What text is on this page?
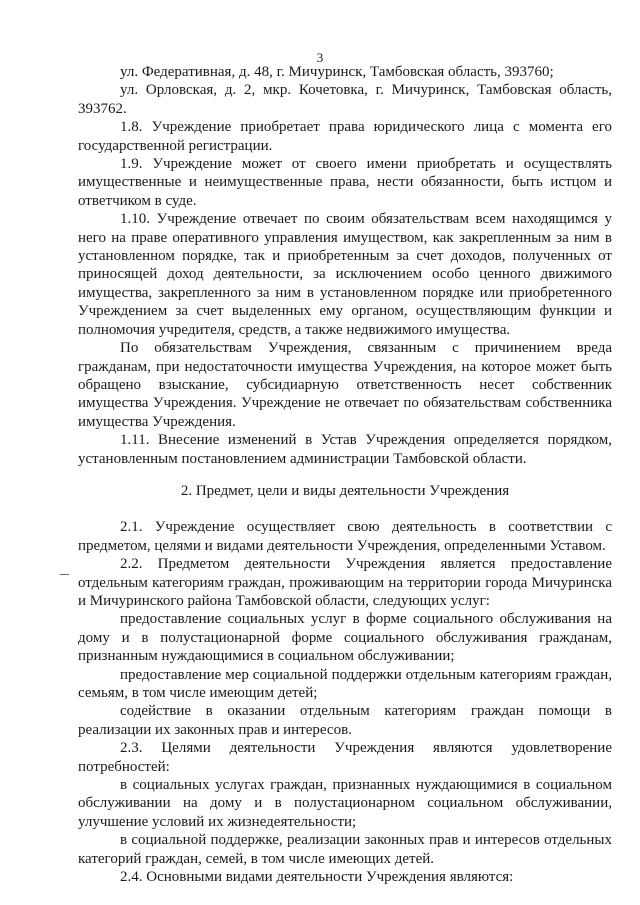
3

ул. Федеративная, д. 48, г. Мичуринск, Тамбовская область, 393760;

ул. Орловская, д. 2, мкр. Кочетовка, г. Мичуринск, Тамбовская область, 393762.

1.8. Учреждение приобретает права юридического лица с момента его государственной регистрации.

1.9. Учреждение может от своего имени приобретать и осуществлять имущественные и неимущественные права, нести обязанности, быть истцом и ответчиком в суде.

1.10. Учреждение отвечает по своим обязательствам всем находящимся у него на праве оперативного управления имуществом, как закрепленным за ним в установленном порядке, так и приобретенным за счет доходов, полученных от приносящей доход деятельности, за исключением особо ценного движимого имущества, закрепленного за ним в установленном порядке или приобретенного Учреждением за счет выделенных ему органом, осуществляющим функции и полномочия учредителя, средств, а также недвижимого имущества.

По обязательствам Учреждения, связанным с причинением вреда гражданам, при недостаточности имущества Учреждения, на которое может быть обращено взыскание, субсидиарную ответственность несет собственник имущества Учреждения. Учреждение не отвечает по обязательствам собственника имущества Учреждения.

1.11. Внесение изменений в Устав Учреждения определяется порядком, установленным постановлением администрации Тамбовской области.

2. Предмет, цели и виды деятельности Учреждения

2.1. Учреждение осуществляет свою деятельность в соответствии с предметом, целями и видами деятельности Учреждения, определенными Уставом.

2.2. Предметом деятельности Учреждения является предоставление отдельным категориям граждан, проживающим на территории города Мичуринска и Мичуринского района Тамбовской области, следующих услуг:

предоставление социальных услуг в форме социального обслуживания на дому и в полустационарной форме социального обслуживания гражданам, признанным нуждающимися в социальном обслуживании;

предоставление мер социальной поддержки отдельным категориям граждан, семьям, в том числе имеющим детей;

содействие в оказании отдельным категориям граждан помощи в реализации их законных прав и интересов.

2.3. Целями деятельности Учреждения являются удовлетворение потребностей:

в социальных услугах граждан, признанных нуждающимися в социальном обслуживании на дому и в полустационарном социальном обслуживании, улучшение условий их жизнедеятельности;

в социальной поддержке, реализации законных прав и интересов отдельных категорий граждан, семей, в том числе имеющих детей.

2.4. Основными видами деятельности Учреждения являются:
